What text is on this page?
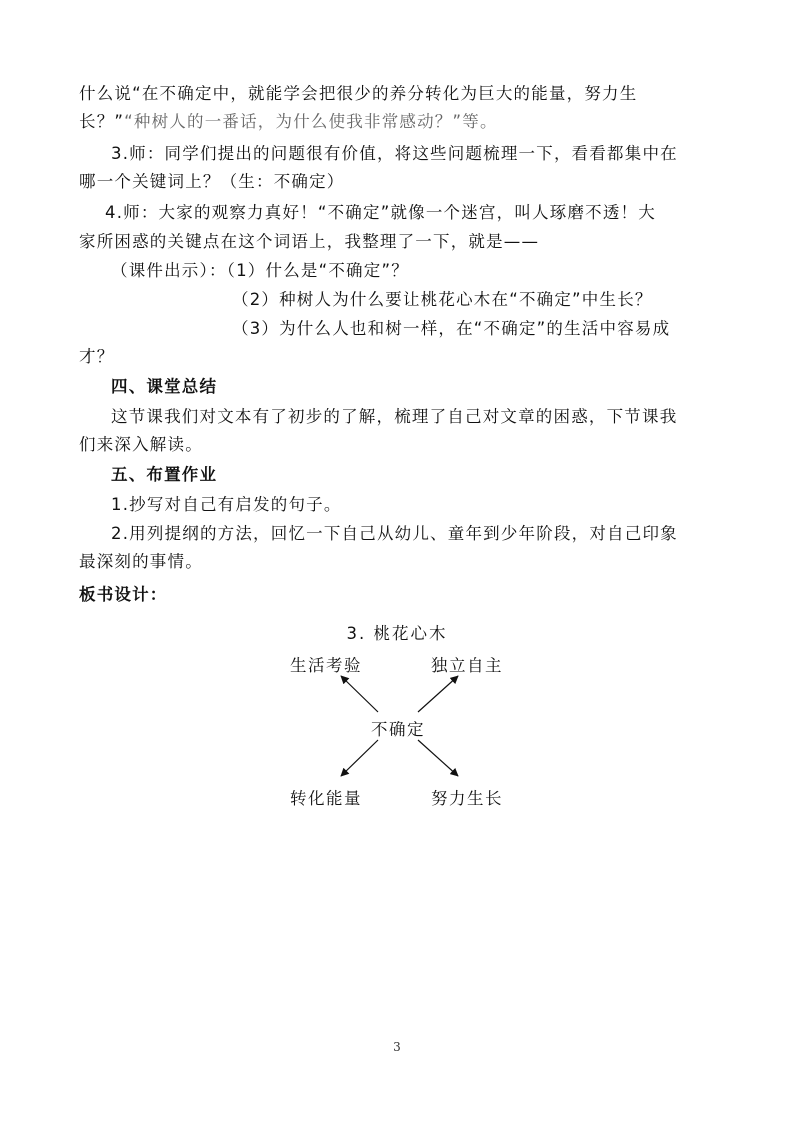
什么说“在不确定中，就能学会把很少的养分转化为巨大的能量，努力生
长？”“种树人的一番话，为什么使我非常感动？”等。
3.师：同学们提出的问题很有价值，将这些问题梳理一下，看看都集中在
哪一个关键词上？（生：不确定）
4.师：大家的观察力真好！“不确定”就像一个迷宫，叫人琢磨不透！大
家所困惑的关键点在这个词语上，我整理了一下，就是——
（课件出示）：（1）什么是“不确定”？
（2）种树人为什么要让桃花心木在“不确定”中生长？
（3）为什么人也和树一样，在“不确定”的生活中容易成
才？
四、课堂总结
这节课我们对文本有了初步的了解，梳理了自己对文章的困惑，下节课我
们来深入解读。
五、布置作业
1.抄写对自己有启发的句子。
2.用列提纲的方法，回忆一下自己从幼儿、童年到少年阶段，对自己印象
最深刻的事情。
板书设计：
3. 桃花心木
生活考验	独立自主
不确定
转化能量	努力生长
3
